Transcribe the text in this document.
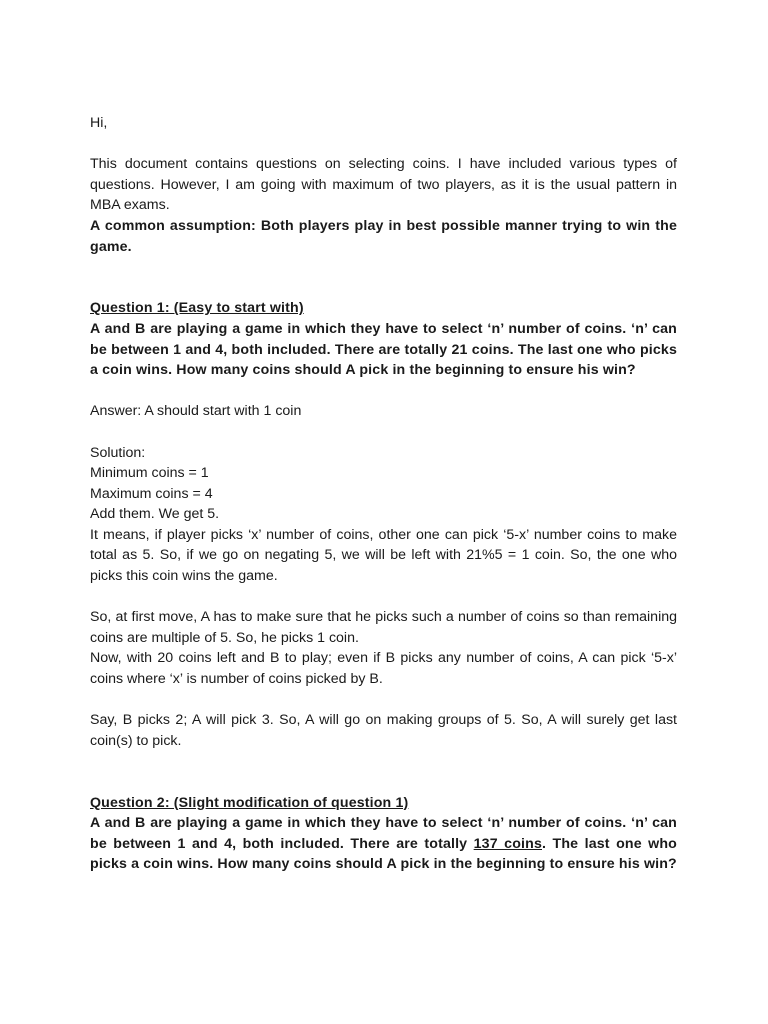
Hi,

This document contains questions on selecting coins. I have included various types of questions. However, I am going with maximum of two players, as it is the usual pattern in MBA exams.

A common assumption: Both players play in best possible manner trying to win the game.

Question 1: (Easy to start with)

A and B are playing a game in which they have to select ‘n’ number of coins. ‘n’ can be between 1 and 4, both included. There are totally 21 coins. The last one who picks a coin wins. How many coins should A pick in the beginning to ensure his win?

Answer: A should start with 1 coin

Solution:

Minimum coins = 1

Maximum coins = 4

Add them. We get 5.

It means, if player picks ‘x’ number of coins, other one can pick ‘5-x’ number coins to make total as 5. So, if we go on negating 5, we will be left with 21%5 = 1 coin. So, the one who picks this coin wins the game.

So, at first move, A has to make sure that he picks such a number of coins so than remaining coins are multiple of 5. So, he picks 1 coin.

Now, with 20 coins left and B to play; even if B picks any number of coins, A can pick ‘5-x’ coins where ‘x’ is number of coins picked by B.

Say, B picks 2; A will pick 3. So, A will go on making groups of 5. So, A will surely get last coin(s) to pick.

Question 2: (Slight modification of question 1)

A and B are playing a game in which they have to select ‘n’ number of coins. ‘n’ can be between 1 and 4, both included. There are totally 137 coins. The last one who picks a coin wins. How many coins should A pick in the beginning to ensure his win?
